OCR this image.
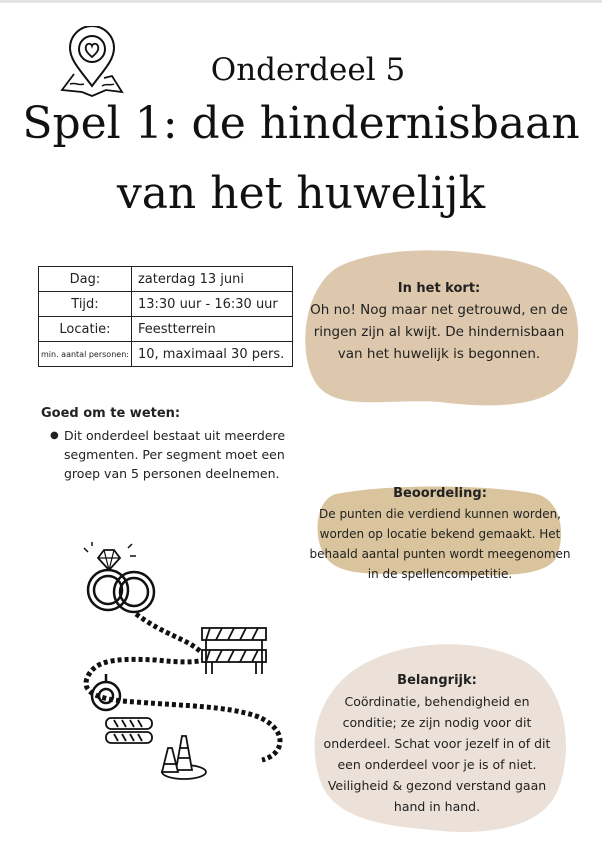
Onderdeel 5
Spel 1: de hindernisbaan
van het huwelijk
Dag:	zaterdag 13 juni
Tijd:	13:30 uur - 16:30 uur
Locatie:	Feestterrein
min. aantal personen:	10, maximaal 30 pers.
Goed om te weten:
● Dit onderdeel bestaat uit meerdere segmenten. Per segment moet een groep van 5 personen deelnemen.
In het kort:
Oh no! Nog maar net getrouwd, en de ringen zijn al kwijt. De hindernisbaan van het huwelijk is begonnen.
Beoordeling:
De punten die verdiend kunnen worden, worden op locatie bekend gemaakt. Het behaald aantal punten wordt meegenomen in de spellencompetitie.
Belangrijk:
Coördinatie, behendigheid en conditie; ze zijn nodig voor dit onderdeel. Schat voor jezelf in of dit een onderdeel voor je is of niet. Veiligheid & gezond verstand gaan hand in hand.
